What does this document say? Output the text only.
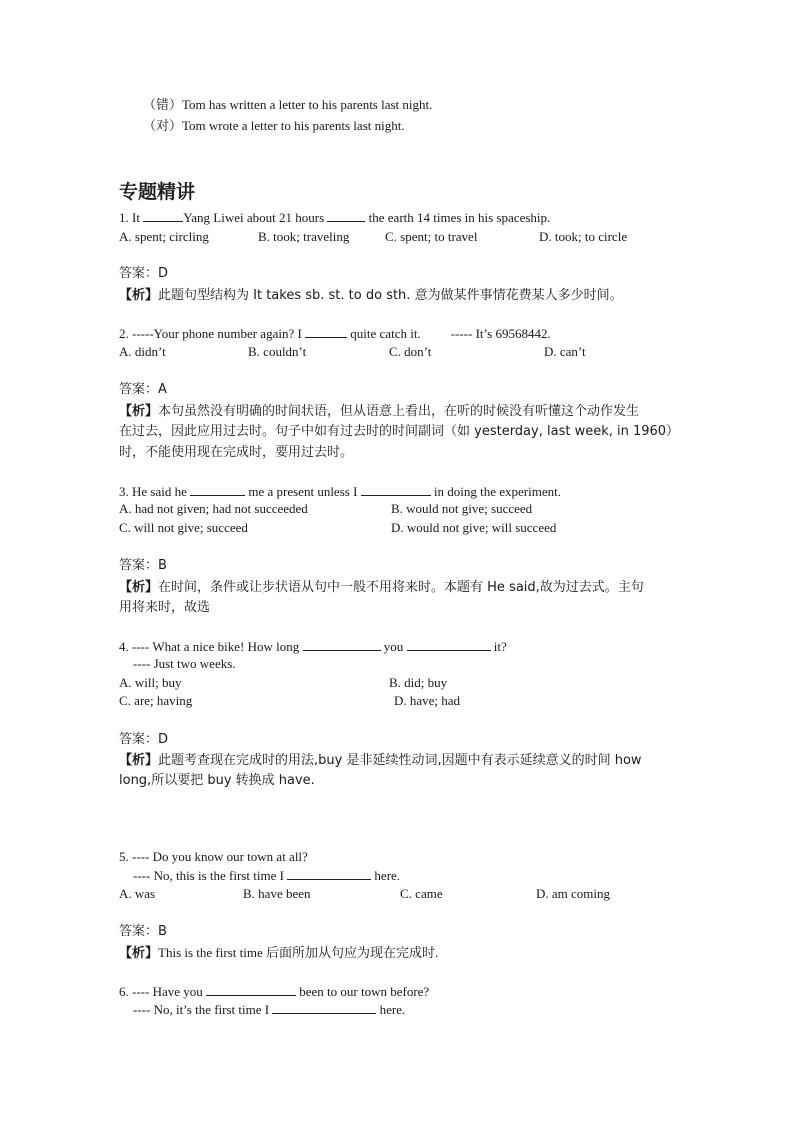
（错）Tom has written a letter to his parents last night.
（对）Tom wrote a letter to his parents last night.
专题精讲
1. It	Yang Liwei about 21 hours	the earth 14 times in his spaceship.
A. spent; circling	B. took; traveling	C. spent; to travel	D. took; to circle
答案：D
【析】此题句型结构为 It takes sb. st. to do sth. 意为做某件事情花费某人多少时间。
2. -----Your phone number again? I	quite catch it. ----- It’s 69568442.
A. didn’t	B. couldn’t	C. don’t	D. can’t
答案：A
【析】本句虽然没有明确的时间状语，但从语意上看出，在听的时候没有听懂这个动作发生
在过去，因此应用过去时。句子中如有过去时的时间副词（如 yesterday, last week, in 1960）
时，不能使用现在完成时，要用过去时。
3. He said he	me a present unless I	in doing the experiment.
A. had not given; had not succeeded	B. would not give; succeed
C. will not give; succeed	D. would not give; will succeed
答案：B
【析】在时间，条件或让步状语从句中一般不用将来时。本题有 He said,故为过去式。主句
用将来时，故选
4. ---- What a nice bike! How long	you	it?
---- Just two weeks.
A. will; buy	B. did; buy
C. are; having	D. have; had
答案：D
【析】此题考查现在完成时的用法,buy 是非延续性动词,因题中有表示延续意义的时间 how
long,所以要把 buy 转换成 have.
5. ---- Do you know our town at all?
---- No, this is the first time I	here.
A. was	B. have been	C. came	D. am coming
答案：B
【析】This is the first time 后面所加从句应为现在完成时.
6. ---- Have you	been to our town before?
---- No, it’s the first time I	here.
